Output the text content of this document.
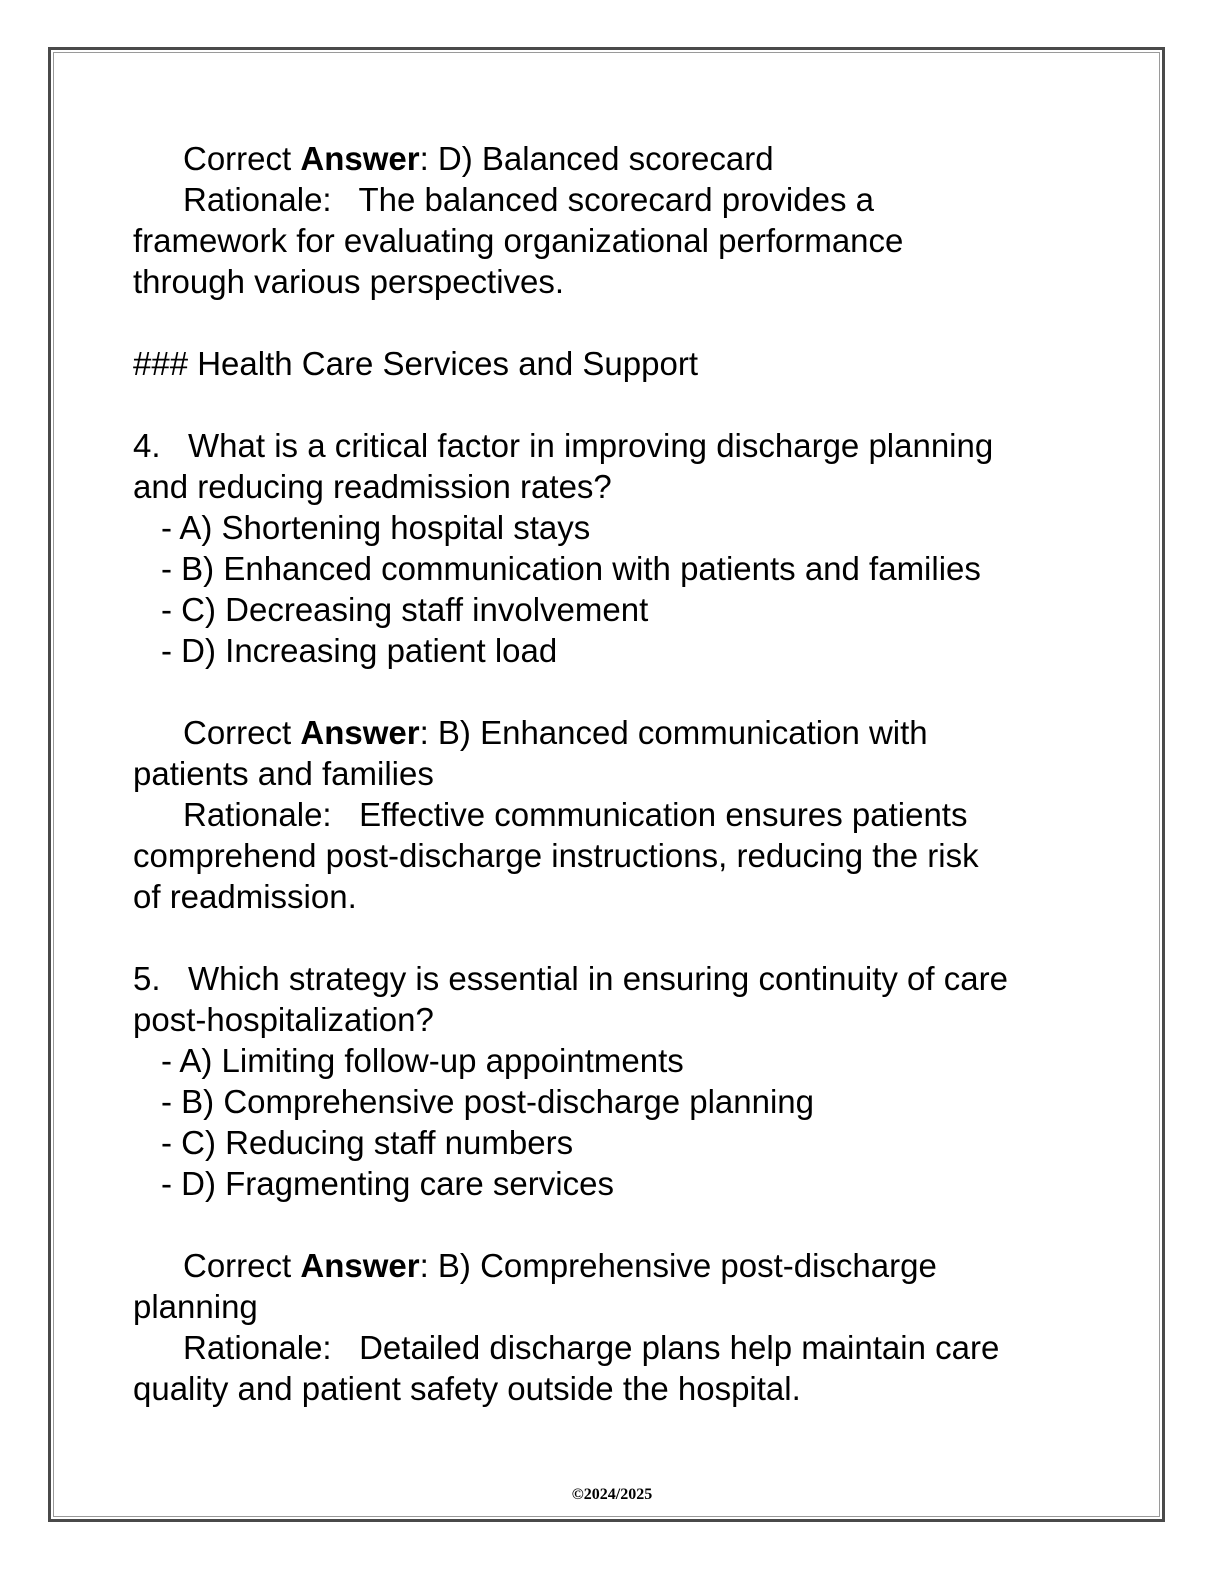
Correct Answer: D) Balanced scorecard
Rationale:   The balanced scorecard provides a
framework for evaluating organizational performance
through various perspectives.
### Health Care Services and Support
4.   What is a critical factor in improving discharge planning
and reducing readmission rates?
- A) Shortening hospital stays
- B) Enhanced communication with patients and families
- C) Decreasing staff involvement
- D) Increasing patient load
Correct Answer: B) Enhanced communication with
patients and families
Rationale:   Effective communication ensures patients
comprehend post-discharge instructions, reducing the risk
of readmission.
5.   Which strategy is essential in ensuring continuity of care
post-hospitalization?
- A) Limiting follow-up appointments
- B) Comprehensive post-discharge planning
- C) Reducing staff numbers
- D) Fragmenting care services
Correct Answer: B) Comprehensive post-discharge
planning
Rationale:   Detailed discharge plans help maintain care
quality and patient safety outside the hospital.
©2024/2025
